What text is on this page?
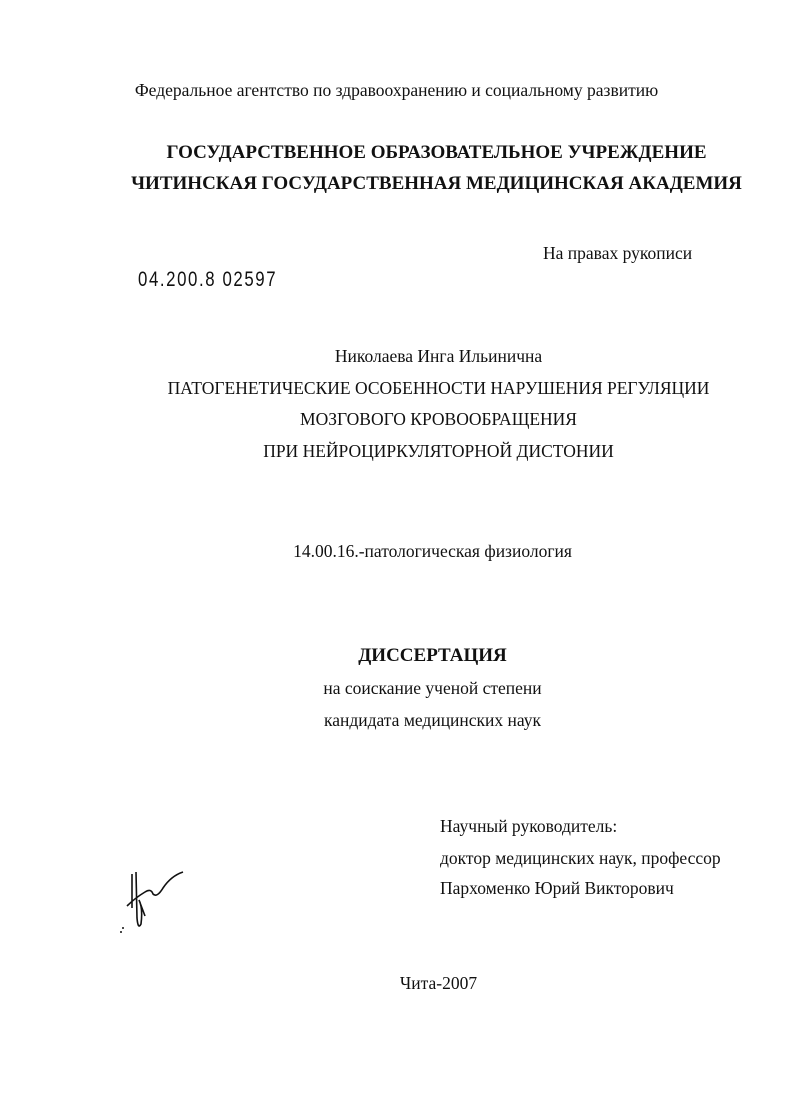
Федеральное агентство по здравоохранению и социальному развитию
ГОСУДАРСТВЕННОЕ ОБРАЗОВАТЕЛЬНОЕ УЧРЕЖДЕНИЕ
ЧИТИНСКАЯ ГОСУДАРСТВЕННАЯ МЕДИЦИНСКАЯ АКАДЕМИЯ
На правах рукописи
04.200.8 02597
Николаева Инга Ильинична
ПАТОГЕНЕТИЧЕСКИЕ ОСОБЕННОСТИ НАРУШЕНИЯ РЕГУЛЯЦИИ
МОЗГОВОГО КРОВООБРАЩЕНИЯ
ПРИ НЕЙРОЦИРКУЛЯТОРНОЙ ДИСТОНИИ
14.00.16.-патологическая физиология
ДИССЕРТАЦИЯ
на соискание ученой степени
кандидата медицинских наук
Научный руководитель:
доктор медицинских наук, профессор
Пархоменко Юрий Викторович
Чита-2007
